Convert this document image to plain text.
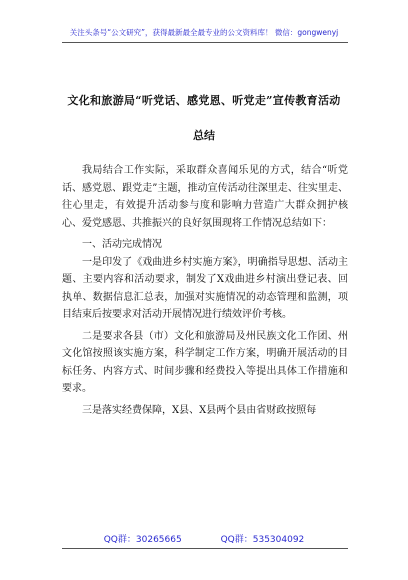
关注头条号“公文研究”，获得最新最全最专业的公文资料库！ 微信：gongwenyj
文化和旅游局“听党话、感党恩、听党走”宣传教育活动
总结

我局结合工作实际，采取群众喜闻乐见的方式，结合“听党话、感党恩、跟党走”主题，推动宣传活动往深里走、往实里走、往心里走，有效提升活动参与度和影响力营造广大群众拥护核心、爱党感恩、共推振兴的良好氛围现将工作情况总结如下：

一、活动完成情况

一是印发了《戏曲进乡村实施方案》，明确指导思想、活动主题、主要内容和活动要求，制发了X戏曲进乡村演出登记表、回执单、数据信息汇总表，加强对实施情况的动态管理和监测，项目结束后按要求对活动开展情况进行绩效评价考核。

二是要求各县（市）文化和旅游局及州民族文化工作团、州文化馆按照该实施方案，科学制定工作方案，明确开展活动的目标任务、内容方式、时间步骤和经费投入等提出具体工作措施和要求。

三是落实经费保障，X县、X县两个县由省财政按照每

QQ群：30265665	QQ群：535304092
